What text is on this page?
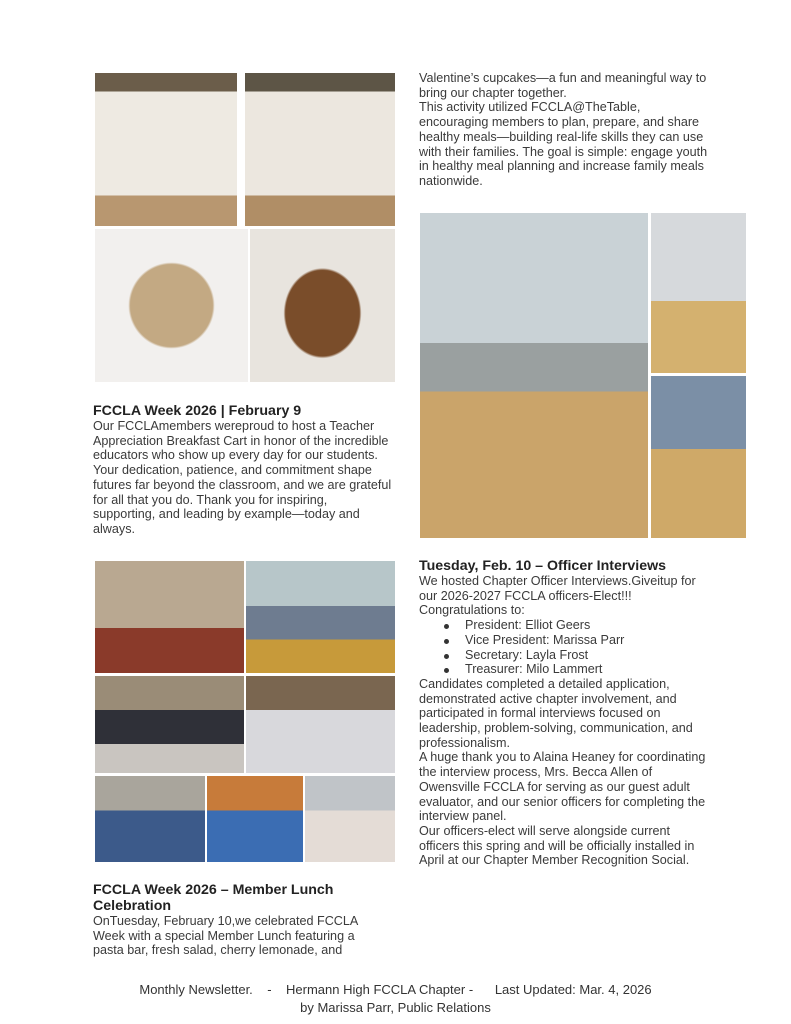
Valentine’s cupcakes—a fun and meaningful way to bring our chapter together.
This activity utilized FCCLA@TheTable, encouraging members to plan, prepare, and share healthy meals—building real-life skills they can use with their families. The goal is simple: engage youth in healthy meal planning and increase family meals nationwide.
FCCLA Week 2026 | February 9
Our FCCLAmembers wereproud to host a Teacher Appreciation Breakfast Cart in honor of the incredible educators who show up every day for our students. Your dedication, patience, and commitment shape futures far beyond the classroom, and we are grateful for all that you do. Thank you for inspiring, supporting, and leading by example—today and always.
Tuesday, Feb. 10 – Officer Interviews
We hosted Chapter Officer Interviews.Giveitup for our 2026-2027 FCCLA officers-Elect!!!
Congratulations to:
President: Elliot Geers
Vice President: Marissa Parr
Secretary: Layla Frost
Treasurer: Milo Lammert
Candidates completed a detailed application, demonstrated active chapter involvement, and participated in formal interviews focused on leadership, problem-solving, communication, and professionalism.
A huge thank you to Alaina Heaney for coordinating the interview process, Mrs. Becca Allen of Owensville FCCLA for serving as our guest adult evaluator, and our senior officers for completing the interview panel.
Our officers-elect will serve alongside current officers this spring and will be officially installed in April at our Chapter Member Recognition Social.
FCCLA Week 2026 – Member Lunch Celebration
OnTuesday, February 10,we celebrated FCCLA Week with a special Member Lunch featuring a pasta bar, fresh salad, cherry lemonade, and
Monthly Newsletter.    -    Hermann High FCCLA Chapter -      Last Updated: Mar. 4, 2026
by Marissa Parr, Public Relations
